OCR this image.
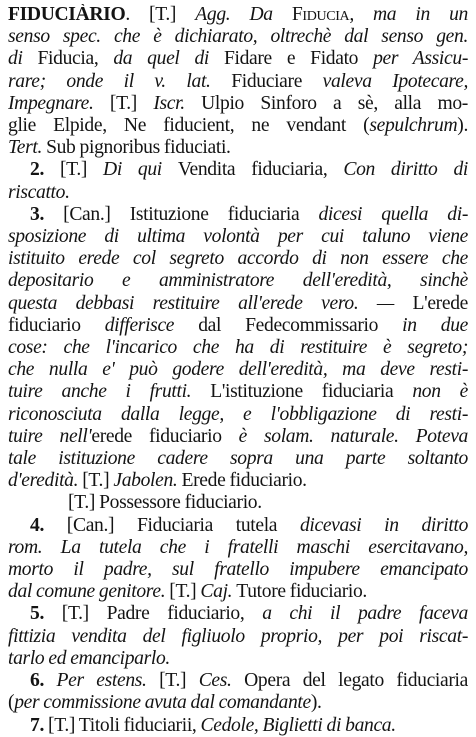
FIDUCIÀRIO. [T.] Agg. Da Fiducia, ma in un
senso spec. che è dichiarato, oltrechè dal senso gen.
di Fiducia, da quel di Fidare e Fidato per Assicu-
rare; onde il v. lat. Fiduciare valeva Ipotecare,
Impegnare. [T.] Iscr. Ulpio Sinforo a sè, alla mo-
glie Elpide, Ne fiducient, ne vendant (sepulchrum).
Tert. Sub pignoribus fiduciati.
2. [T.] Di qui Vendita fiduciaria, Con diritto di
riscatto.
3. [Can.] Istituzione fiduciaria dicesi quella di-
sposizione di ultima volontà per cui taluno viene
istituito erede col segreto accordo di non essere che
depositario e amministratore dell'eredità, sinchè
questa debbasi restituire all'erede vero. — L'erede
fiduciario differisce dal Fedecommissario in due
cose: che l'incarico che ha di restituire è segreto;
che nulla e' può godere dell'eredità, ma deve resti-
tuire anche i frutti. L'istituzione fiduciaria non è
riconosciuta dalla legge, e l'obbligazione di resti-
tuire nell'erede fiduciario è solam. naturale. Poteva
tale istituzione cadere sopra una parte soltanto
d'eredità. [T.] Jabolen. Erede fiduciario.
[T.] Possessore fiduciario.
4. [Can.] Fiduciaria tutela dicevasi in diritto
rom. La tutela che i fratelli maschi esercitavano,
morto il padre, sul fratello impubere emancipato
dal comune genitore. [T.] Caj. Tutore fiduciario.
5. [T.] Padre fiduciario, a chi il padre faceva
fittizia vendita del figliuolo proprio, per poi riscat-
tarlo ed emanciparlo.
6. Per estens. [T.] Ces. Opera del legato fiduciaria
(per commissione avuta dal comandante).
7. [T.] Titoli fiduciarii, Cedole, Biglietti di banca.
